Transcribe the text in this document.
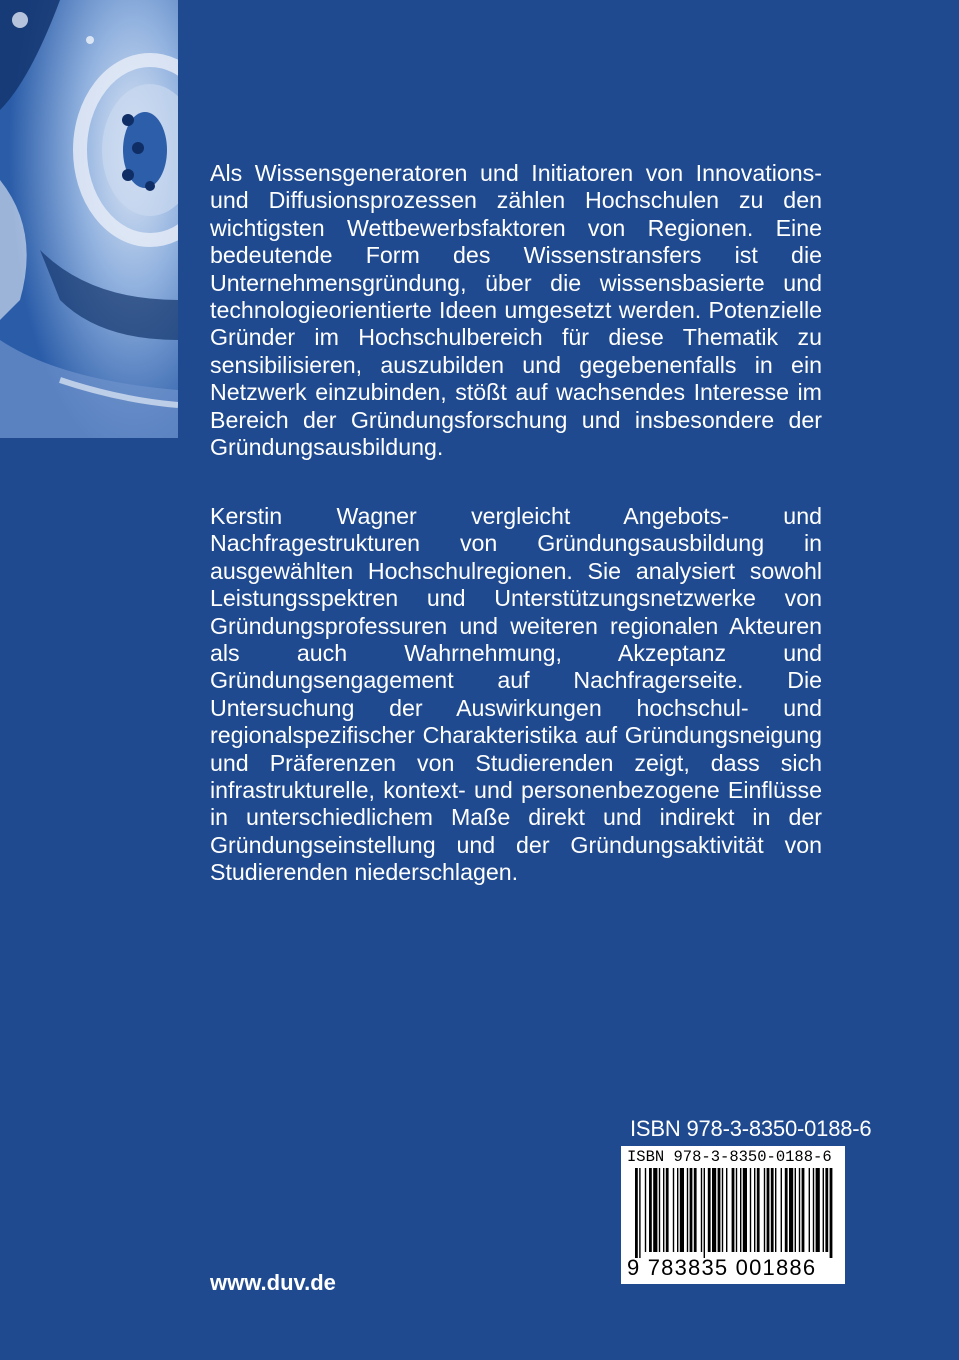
Als Wissensgeneratoren und Initiatoren von Innovations- und Diffusionsprozessen zählen Hochschulen zu den wichtigsten Wettbewerbsfaktoren von Regionen. Eine bedeutende Form des Wissenstransfers ist die Unternehmensgründung, über die wissensbasierte und technologieorientierte Ideen umgesetzt werden. Potenzielle Gründer im Hochschulbereich für diese Thematik zu sensibilisieren, auszubilden und gegebenenfalls in ein Netzwerk einzubinden, stößt auf wachsendes Interesse im Bereich der Gründungsforschung und insbesondere der Gründungsausbildung.

Kerstin Wagner vergleicht Angebots- und Nachfragestrukturen von Gründungsausbildung in ausgewählten Hochschulregionen. Sie analysiert sowohl Leistungsspektren und Unterstützungsnetzwerke von Gründungsprofessuren und weiteren regionalen Akteuren als auch Wahrnehmung, Akzeptanz und Gründungsengagement auf Nachfragerseite. Die Untersuchung der Auswirkungen hochschul- und regionalspezifischer Charakteristika auf Gründungsneigung und Präferenzen von Studierenden zeigt, dass sich infrastrukturelle, kontext- und personenbezogene Einflüsse in unterschiedlichem Maße direkt und indirekt in der Gründungseinstellung und der Gründungsaktivität von Studierenden niederschlagen.

ISBN 978-3-8350-0188-6
ISBN 978-3-8350-0188-6
9 783835 001886
www.duv.de
